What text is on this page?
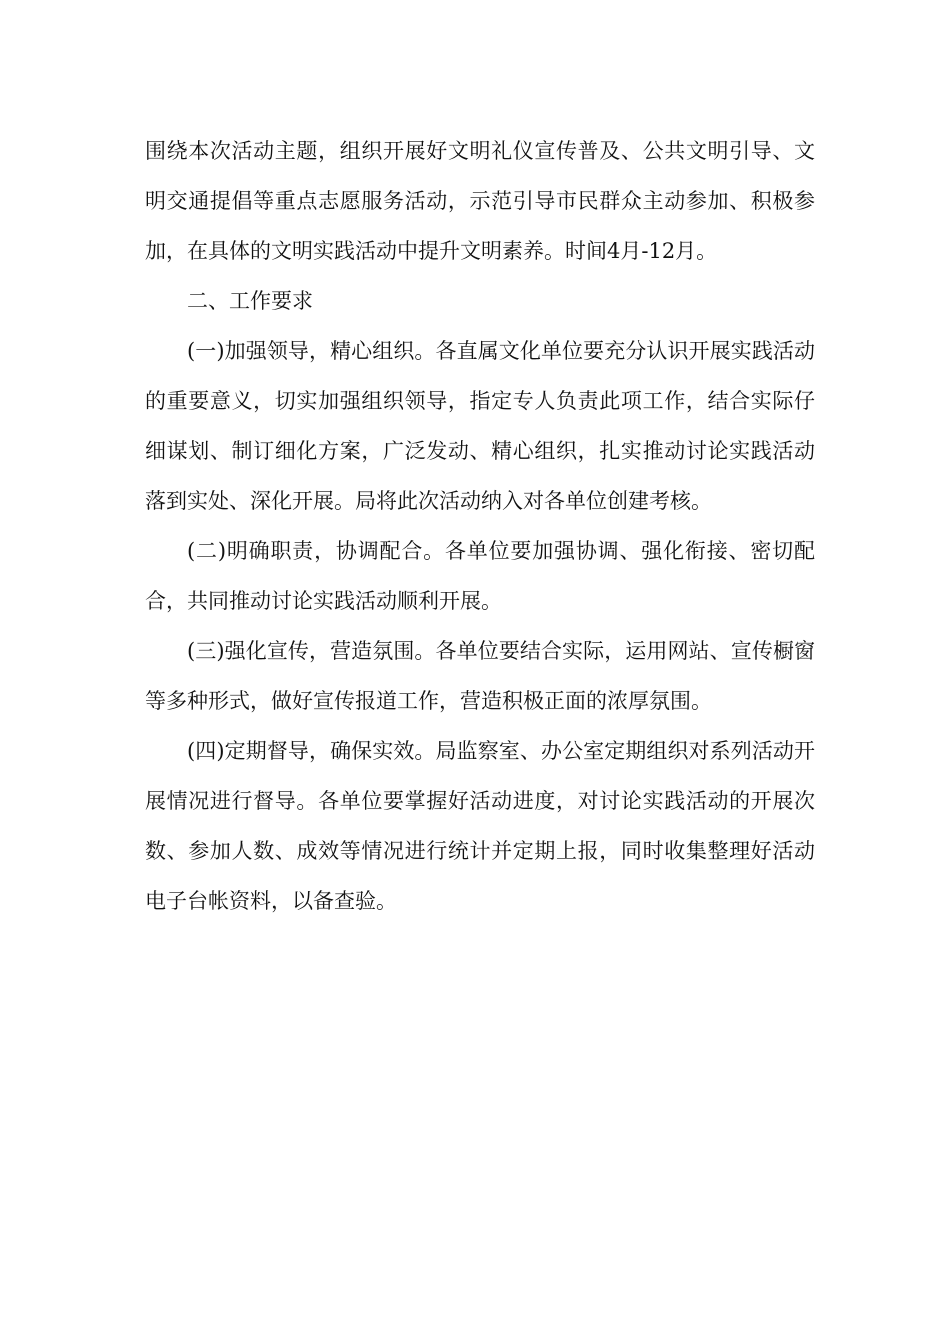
围绕本次活动主题，组织开展好文明礼仪宣传普及、公共文明引导、文明交通提倡等重点志愿服务活动，示范引导市民群众主动参加、积极参加，在具体的文明实践活动中提升文明素养。时间4月-12月。

二、工作要求

(一)加强领导，精心组织。各直属文化单位要充分认识开展实践活动的重要意义，切实加强组织领导，指定专人负责此项工作，结合实际仔细谋划、制订细化方案，广泛发动、精心组织，扎实推动讨论实践活动落到实处、深化开展。局将此次活动纳入对各单位创建考核。

(二)明确职责，协调配合。各单位要加强协调、强化衔接、密切配合，共同推动讨论实践活动顺利开展。

(三)强化宣传，营造氛围。各单位要结合实际，运用网站、宣传橱窗等多种形式，做好宣传报道工作，营造积极正面的浓厚氛围。

(四)定期督导，确保实效。局监察室、办公室定期组织对系列活动开展情况进行督导。各单位要掌握好活动进度，对讨论实践活动的开展次数、参加人数、成效等情况进行统计并定期上报，同时收集整理好活动电子台帐资料，以备查验。
